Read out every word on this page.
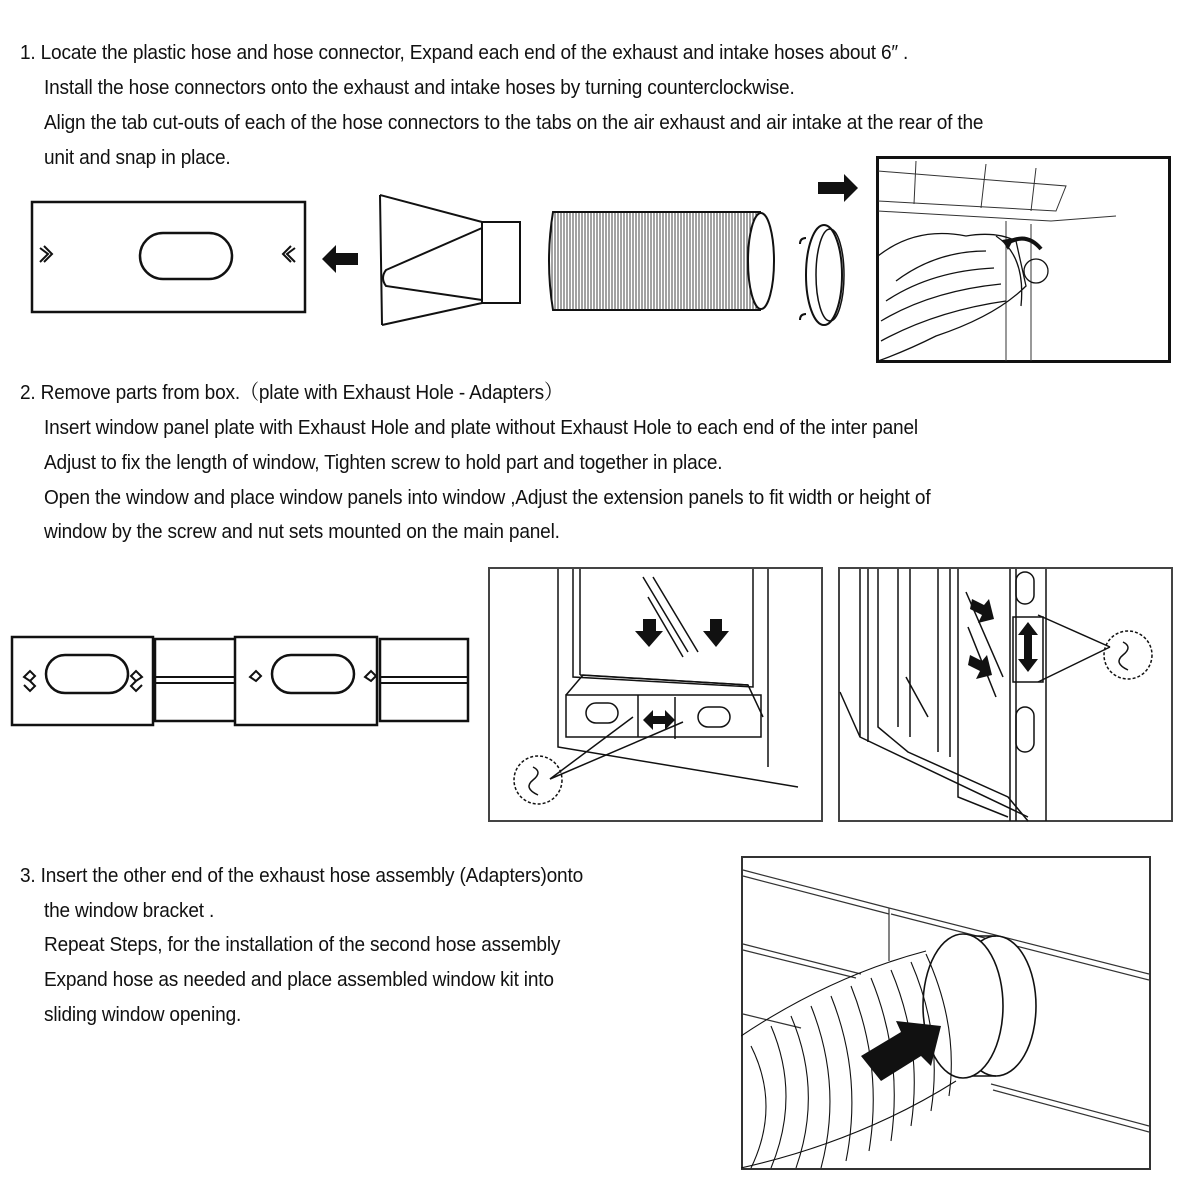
1. Locate the plastic hose and hose connector, Expand each end of the exhaust and intake hoses about 6″ .
Install the hose connectors onto the exhaust and intake hoses by turning counterclockwise.
Align the tab cut-outs of each of the hose connectors to the tabs on the air exhaust and air intake at the rear of the
unit and snap in place.
2. Remove parts from box.（plate with Exhaust Hole - Adapters）
Insert window panel plate with Exhaust Hole and plate without Exhaust Hole to each end of the inter panel
Adjust to fix the length of window, Tighten screw to hold part and together in place.
Open the window and place window panels into window ,Adjust the extension panels to fit width or height of
window by the screw and nut sets mounted on the main panel.
3. Insert the other end of the exhaust hose assembly (Adapters)onto
the window bracket .
Repeat Steps, for the installation of the second hose assembly
Expand hose as needed and place assembled window kit into
sliding window opening.
